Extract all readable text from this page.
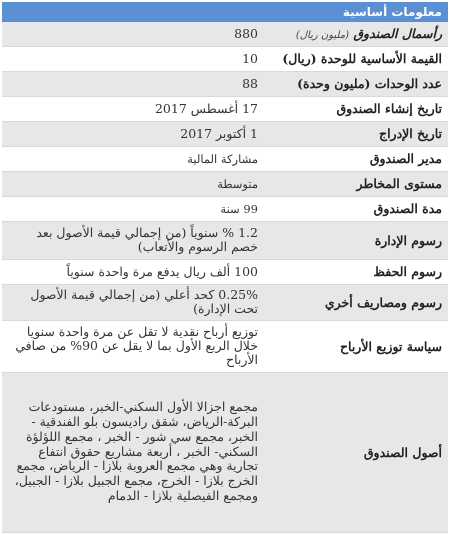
معلومات أساسية
رأسمال الصندوق (مليون ريال)	880
القيمة الأساسية للوحدة (ريال)	10
عدد الوحدات (مليون وحدة)	88
تاريخ إنشاء الصندوق	17 أغسطس 2017
تاريخ الإدراج	1 أكتوبر 2017
مدير الصندوق	مشاركة المالية
مستوى المخاطر	متوسطة
مدة الصندوق	99 سنة
رسوم الإدارة	1.2 % سنوياً (من إجمالي قيمة الأصول بعد خصم الرسوم والأتعاب)
رسوم الحفظ	100 ألف ريال يدفع مرة واحدة سنوياً
رسوم ومصاريف أخري	0.25% كحد أعلي (من إجمالي قيمة الأصول تحت الإدارة)
سياسة توزيع الأرباح	توزيع أرباح نقدية لا تقل عن مرة واحدة سنويا خلال الربع الأول بما لا يقل عن 90% من صافي الأرباح
أصول الصندوق	مجمع اجزالا الأول السكني-الخبر، مستودعات البركة-الرياض، شقق راديسون بلو الفندقية - الخبر، مجمع سي شور - الخبر ، مجمع اللؤلؤة السكني- الخبر ، أربعة مشاريع حقوق انتفاع تجارية وهي مجمع العروبة بلازا - الرياض، مجمع الخرج بلازا - الخرج، مجمع الجبيل بلازا - الجبيل، ومجمع الفيصلية بلازا - الدمام
